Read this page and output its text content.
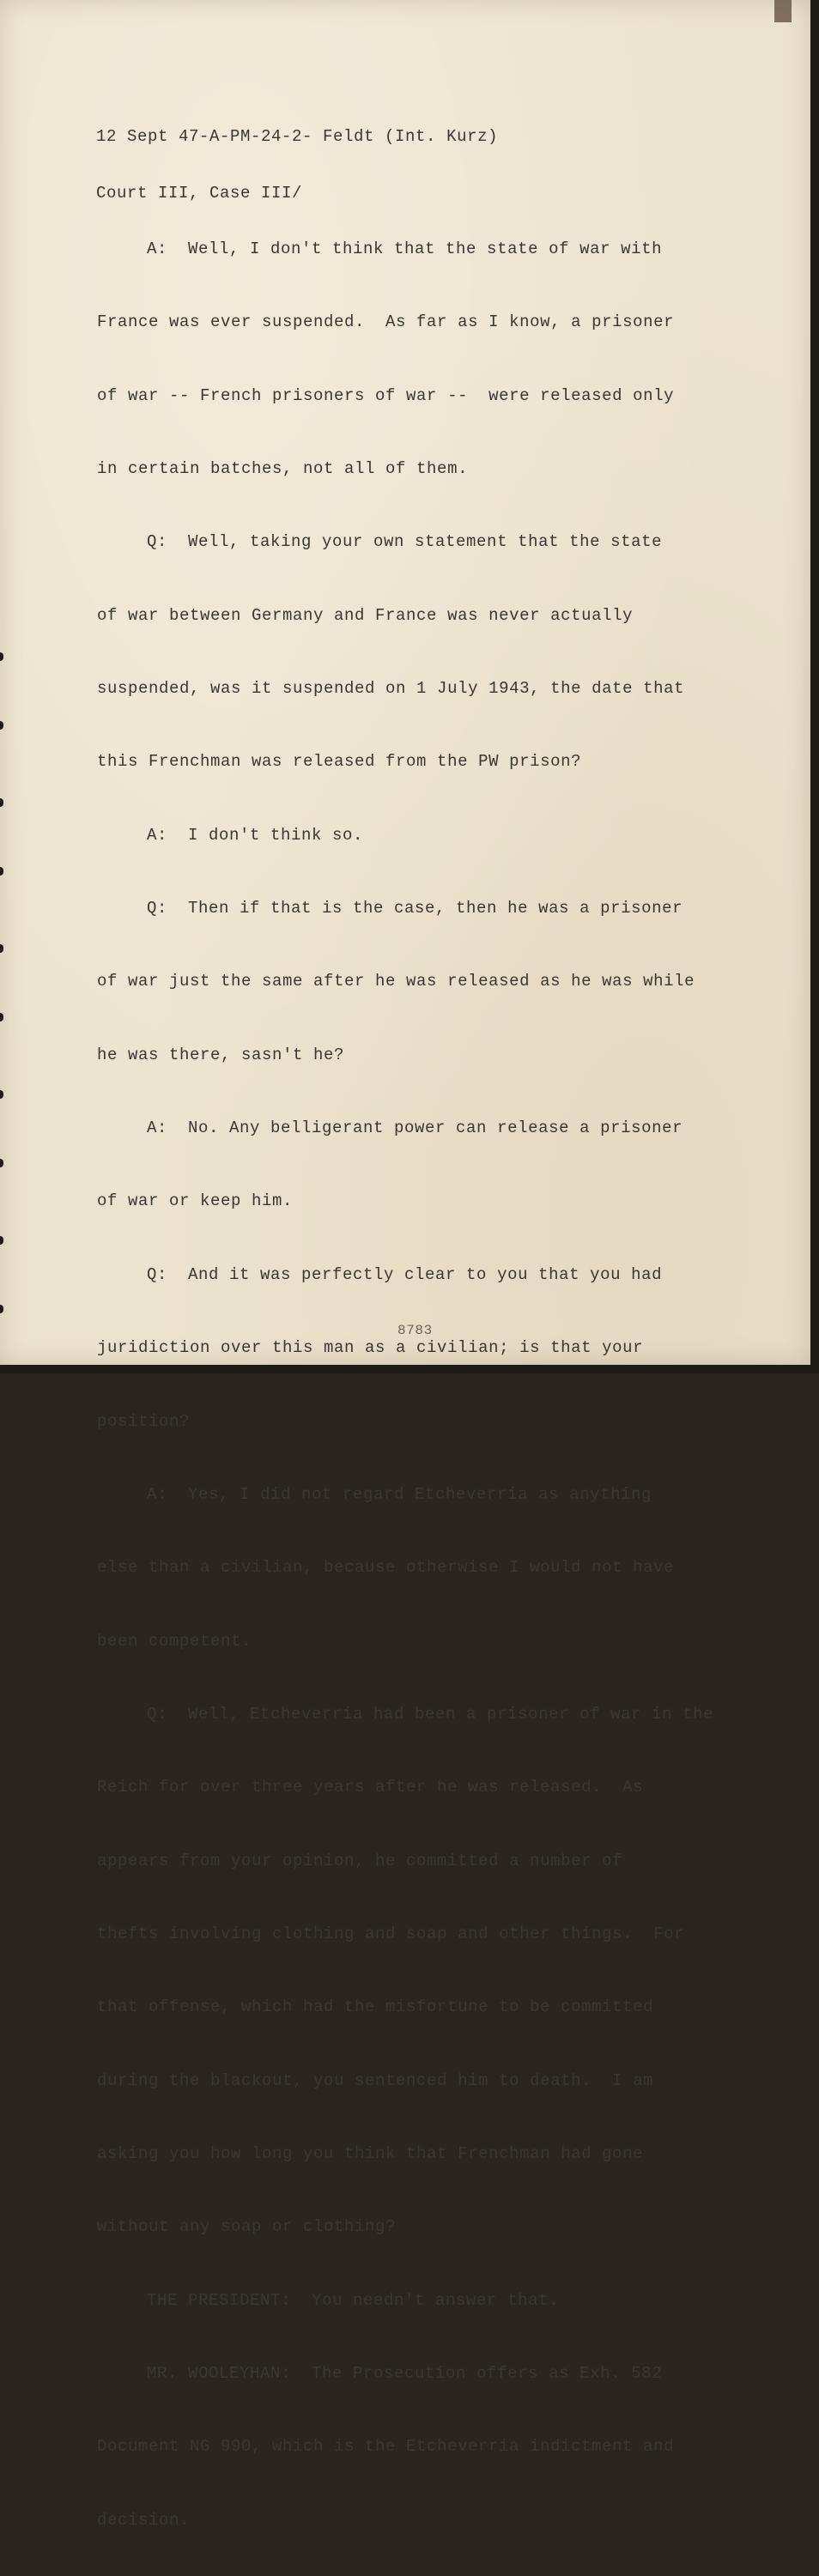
12 Sept 47-A-PM-24-2- Feldt (Int. Kurz)

Court III, Case III/

A:  Well, I don't think that the state of war with

France was ever suspended.  As far as I know, a prisoner

of war -- French prisoners of war --  were released only

in certain batches, not all of them.

Q:  Well, taking your own statement that the state

of war between Germany and France was never actually

suspended, was it suspended on 1 July 1943, the date that

this Frenchman was released from the PW prison?

A:  I don't think so.

Q:  Then if that is the case, then he was a prisoner

of war just the same after he was released as he was while

he was there, sasn't he?

A:  No. Any belligerant power can release a prisoner

of war or keep him.

Q:  And it was perfectly clear to you that you had

juridiction over this man as a civilian; is that your

position?

A:  Yes, I did not regard Etcheverria as anything

else than a civilian, because otherwise I would not have

been competent.

Q:  Well, Etcheverria had been a prisoner of war in the

Reich for over three years after he was released.  As

appears from your opinion, he committed a number of

thefts involving clothing and soap and other things.  For

that offense, which had the misfortune to be committed

during the blackout, you sentenced him to death.  I am

asking you how long you think that Frenchman had gone

without any soap or clothing?

THE PRESIDENT:  You needn't answer that.

MR. WOOLEYHAN:  The Prosecution offers as Exh. 582

Document NG 990, which is the Etcheverria indictment and

decision.

8783
